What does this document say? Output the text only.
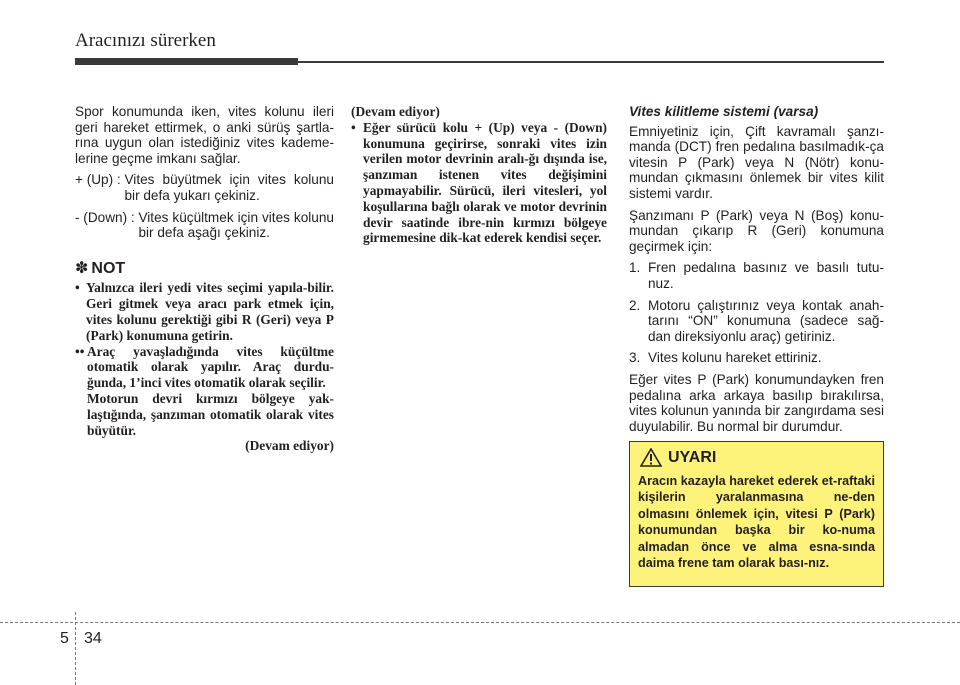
Aracınızı sürerken

Spor konumunda iken, vites kolunu ileri geri hareket ettirmek, o anki sürüş şartla-rına uygun olan istediğiniz vites kademe-lerine geçme imkanı sağlar.

+ (Up) : Vites büyütmek için vites kolunu bir defa yukarı çekiniz.
- (Down) : Vites küçültmek için vites kolunu bir defa aşağı çekiniz.
✽ NOT
• Yalnızca ileri yedi vites seçimi yapıla-bilir. Geri gitmek veya aracı park etmek için, vites kolunu gerektiği gibi R (Geri) veya P (Park) konumuna getirin.
•• Araç yavaşladığında vites küçültme otomatik olarak yapılır. Araç durdu-ğunda, 1’inci vites otomatik olarak seçilir.
Motorun devri kırmızı bölgeye yak-laştığında, şanzıman otomatik olarak vites büyütür.
(Devam ediyor)
(Devam ediyor)
• Eğer sürücü kolu + (Up) veya - (Down) konumuna geçirirse, sonraki vites izin verilen motor devrinin aralı-ğı dışında ise, şanzıman istenen vites değişimini yapmayabilir. Sürücü, ileri vitesleri, yol koşullarına bağlı olarak ve motor devrinin devir saatinde ibre-nin kırmızı bölgeye girmemesine dik-kat ederek kendisi seçer.
Vites kilitleme sistemi (varsa)

Emniyetiniz için, Çift kavramalı şanzı-manda (DCT) fren pedalına basılmadık-ça vitesin P (Park) veya N (Nötr) konu-mundan çıkmasını önlemek bir vites kilit sistemi vardır.

Şanzımanı P (Park) veya N (Boş) konu-mundan çıkarıp R (Geri) konumuna geçirmek için:

1. Fren pedalına basınız ve basılı tutu-nuz.
2. Motoru çalıştırınız veya kontak anah-tarını “ON” konumuna (sadece sağ-dan direksiyonlu araç) getiriniz.
3. Vites kolunu hareket ettiriniz.

Eğer vites P (Park) konumundayken fren pedalına arka arkaya basılıp bırakılırsa, vites kolunun yanında bir zangırdama sesi duyulabilir. Bu normal bir durumdur.

UYARI
Aracın kazayla hareket ederek et-raftaki kişilerin yaralanmasına ne-den olmasını önlemek için, vitesi P (Park) konumundan başka bir ko-numa almadan önce ve alma esna-sında daima frene tam olarak bası-nız.
5 34
